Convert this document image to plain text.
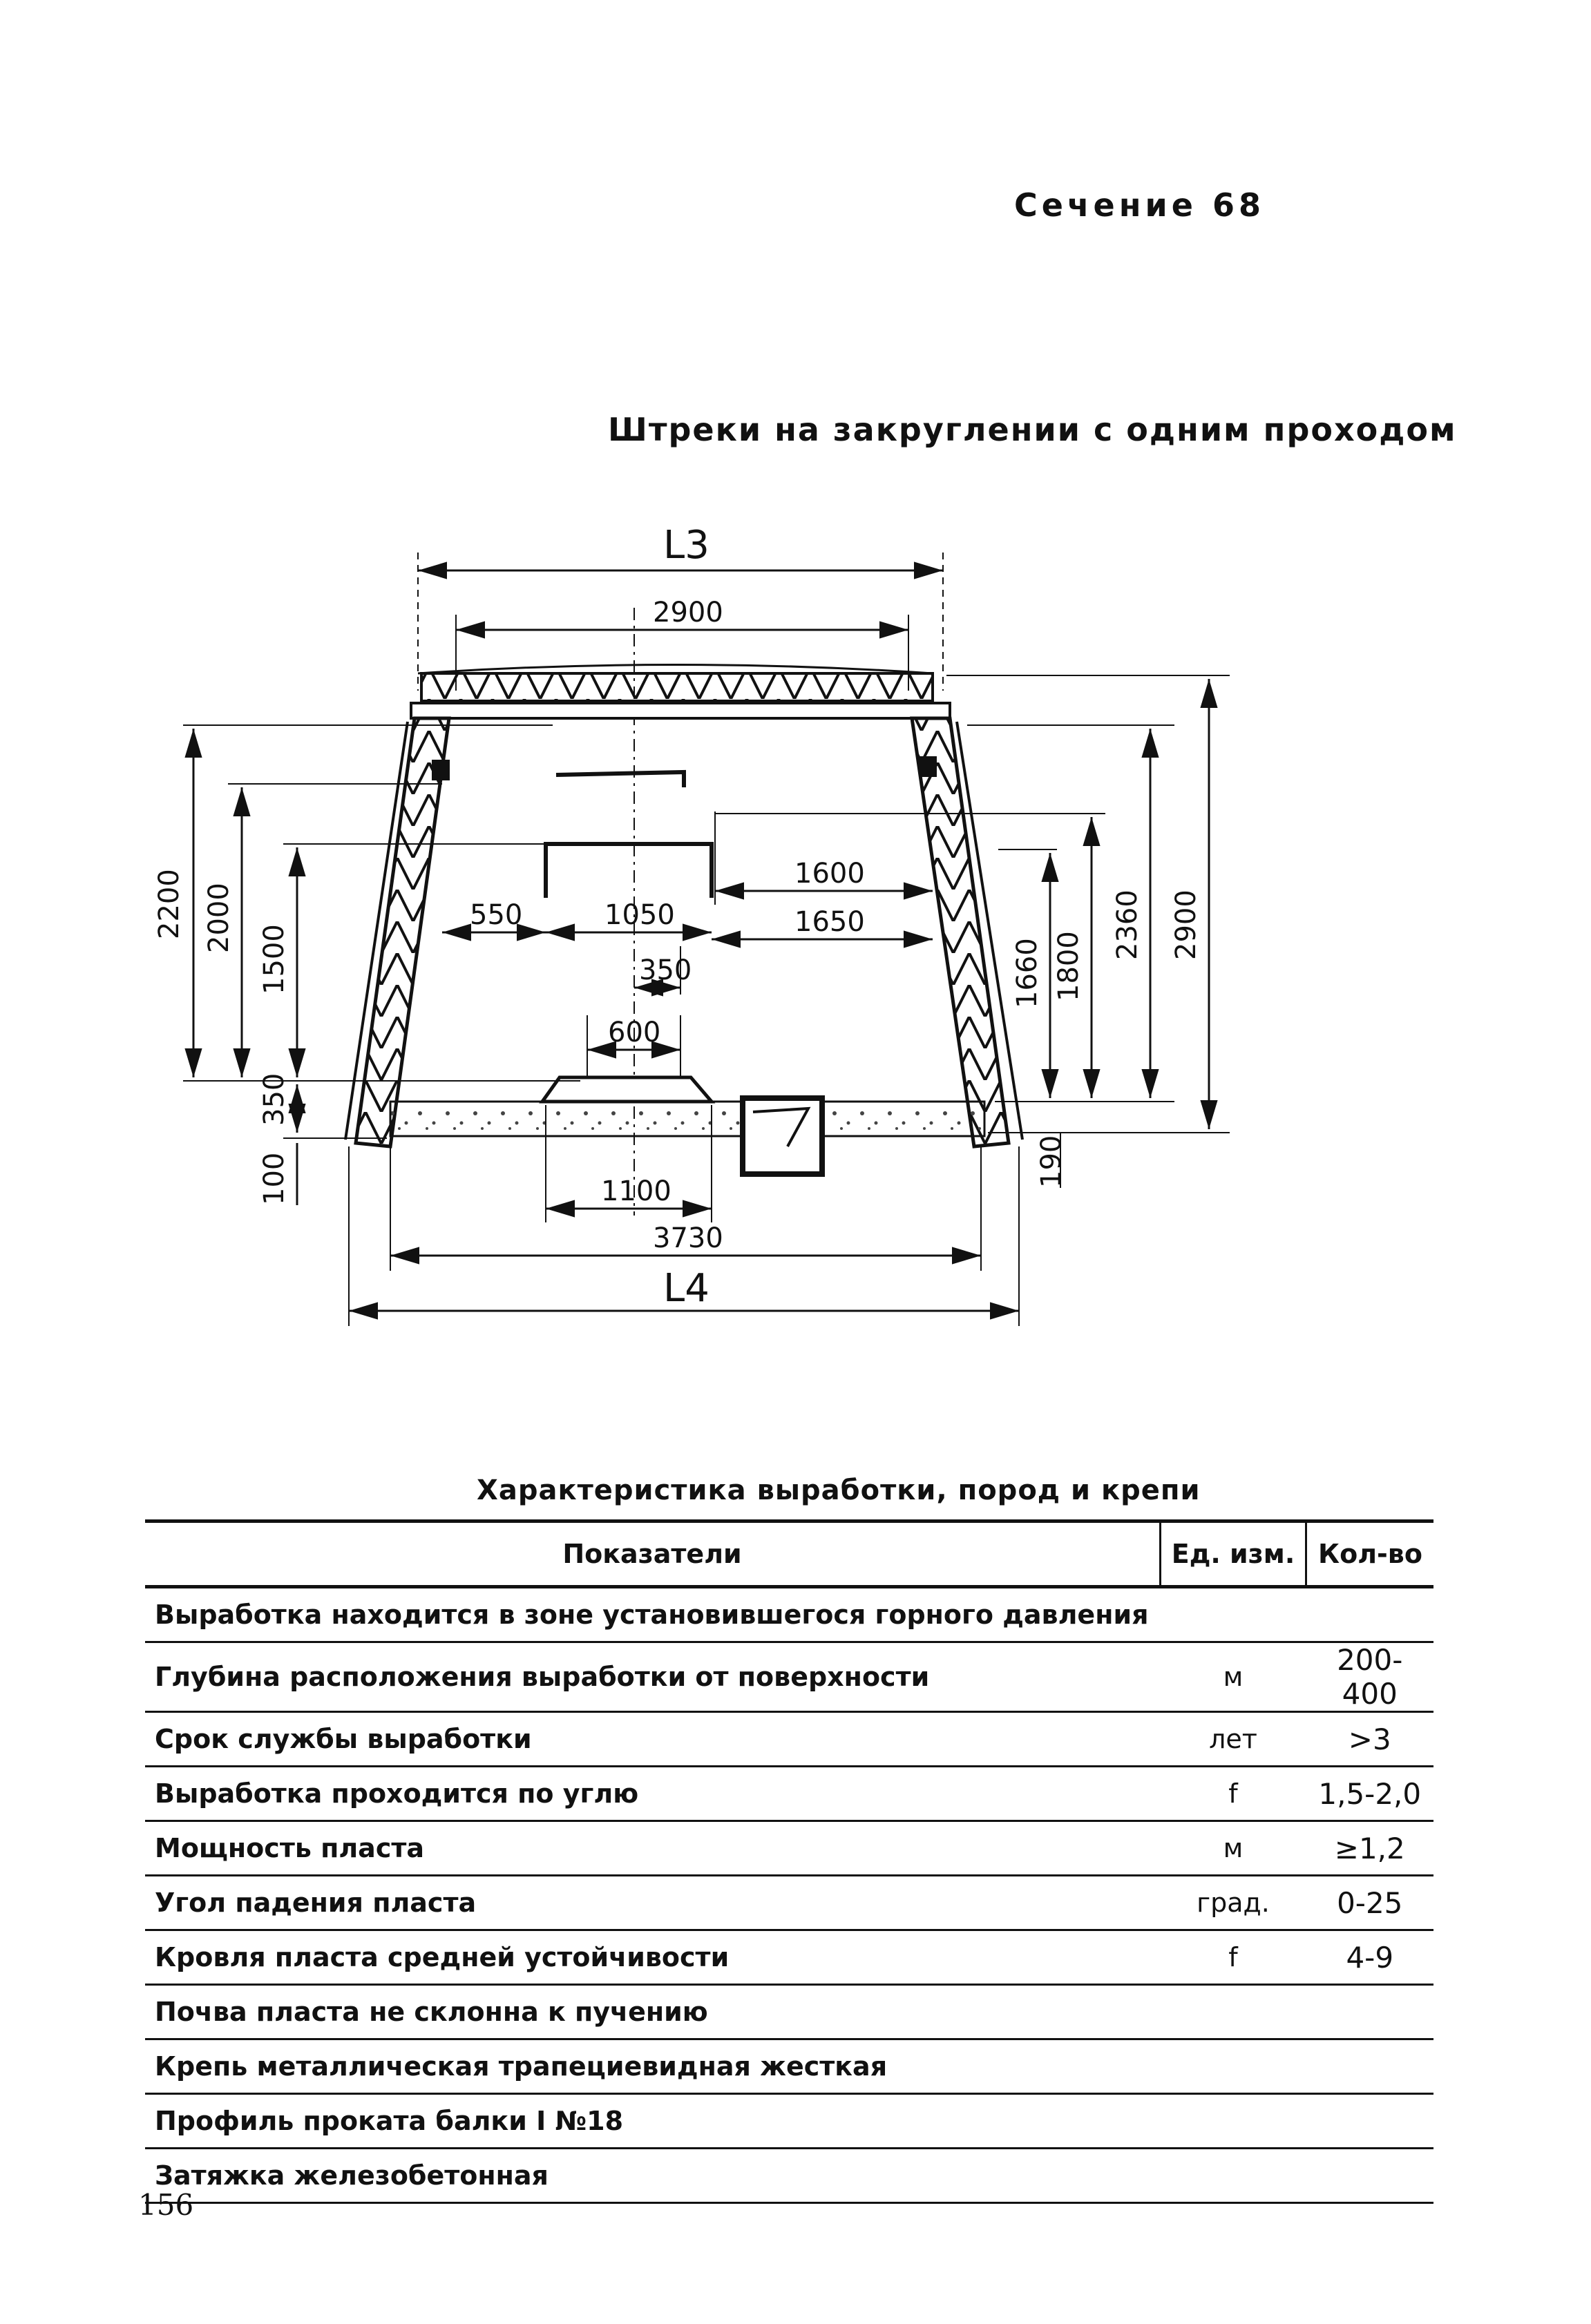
Сечение 68
Штреки на закруглении с одним проходом
L3
2900
2200 2000
1500
350
100
550	1050
350
600
1600
1650
1660 1800
2360 2900
190
1100
3730
L4
Характеристика выработки, пород и крепи
Показатели	Ед. изм.	Кол-во
Выработка находится в зоне установившегося горного давления		
Глубина расположения выработки от поверхности	м	200-400
Срок службы выработки	лет	>3
Выработка проходится по углю	f	1,5-2,0
Мощность пласта	м	≥1,2
Угол падения пласта	град.	0-25
Кровля пласта средней устойчивости	f	4-9
Почва пласта не склонна к пучению		
Крепь металлическая трапециевидная жесткая		
Профиль проката балки I №18		
Затяжка железобетонная		
156
